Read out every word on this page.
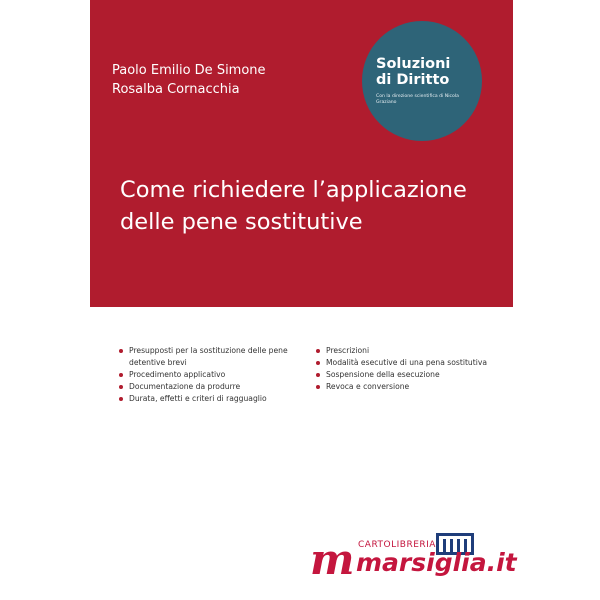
Paolo Emilio De Simone
Rosalba Cornacchia
Soluzioni
di Diritto
Con la direzione scientifica di Nicola Graziano
Come richiedere l’applicazione
delle pene sostitutive
Presupposti per la sostituzione delle pene detentive brevi
Procedimento applicativo
Documentazione da produrre
Durata, effetti e criteri di ragguaglio
Prescrizioni
Modalità esecutive di una pena sostitutiva
Sospensione della esecuzione
Revoca e conversione
m CARTOLIBRERIA
marsiglia.it
